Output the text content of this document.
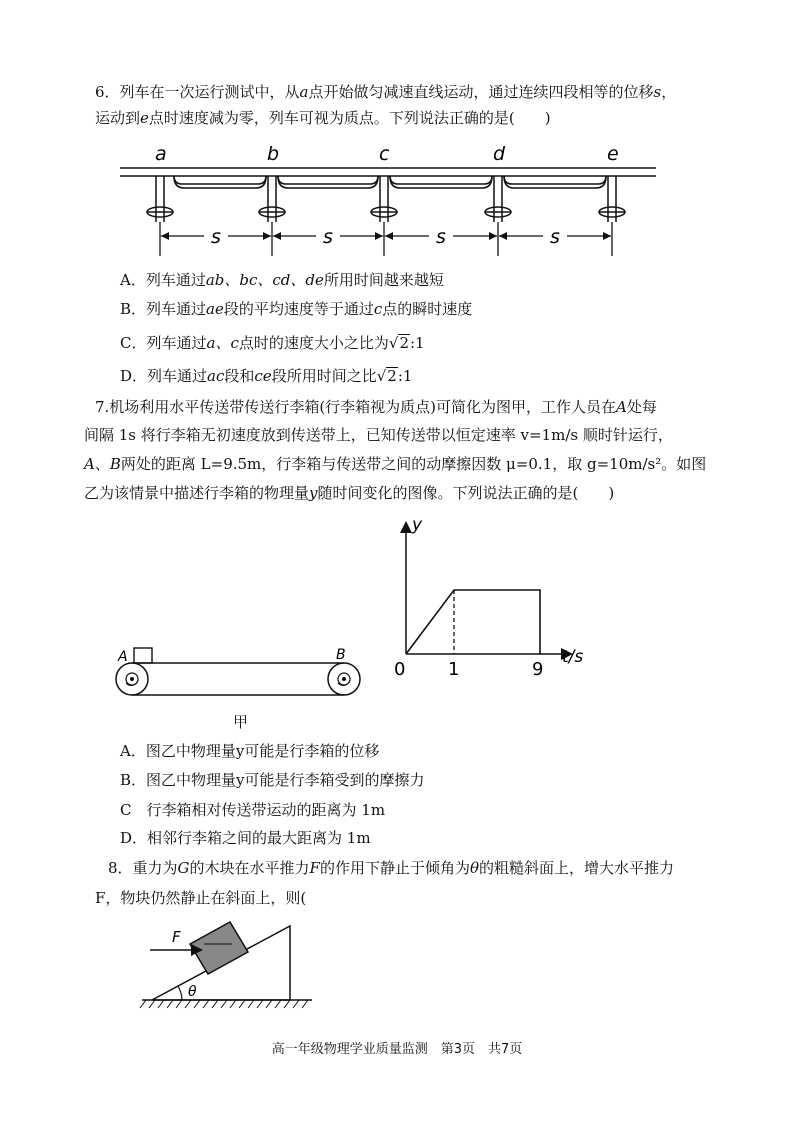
6．列车在一次运行测试中，从a点开始做匀减速直线运动，通过连续四段相等的位移s，
运动到e点时速度减为零，列车可视为质点。下列说法正确的是(　　)
a	b	c	d	e
s	s	s	s
A．列车通过ab、bc、cd、de所用时间越来越短
B．列车通过ae段的平均速度等于通过c点的瞬时速度
C．列车通过a、c点时的速度大小之比为√2:1
D．列车通过ac段和ce段所用时间之比√2:1
7.机场利用水平传送带传送行李箱(行李箱视为质点)可简化为图甲，工作人员在A处每
间隔 1s 将行李箱无初速度放到传送带上，已知传送带以恒定速率 v=1m/s 顺时针运行，
A、B两处的距离 L=9.5m，行李箱与传送带之间的动摩擦因数 μ=0.1，取 g=10m/s²。如图
乙为该情景中描述行李箱的物理量y随时间变化的图像。下列说法正确的是(　　)
A	B
甲
y
t/s
0 1	9
A．图乙中物理量y可能是行李箱的位移
B．图乙中物理量y可能是行李箱受到的摩擦力
C　 行李箱相对传送带运动的距离为 1m
D．相邻行李箱之间的最大距离为 1m
8．重力为G的木块在水平推力F的作用下静止于倾角为θ的粗糙斜面上，增大水平推力
F，物块仍然静止在斜面上，则(
F
θ
高一年级物理学业质量监测　第3页　共7页
